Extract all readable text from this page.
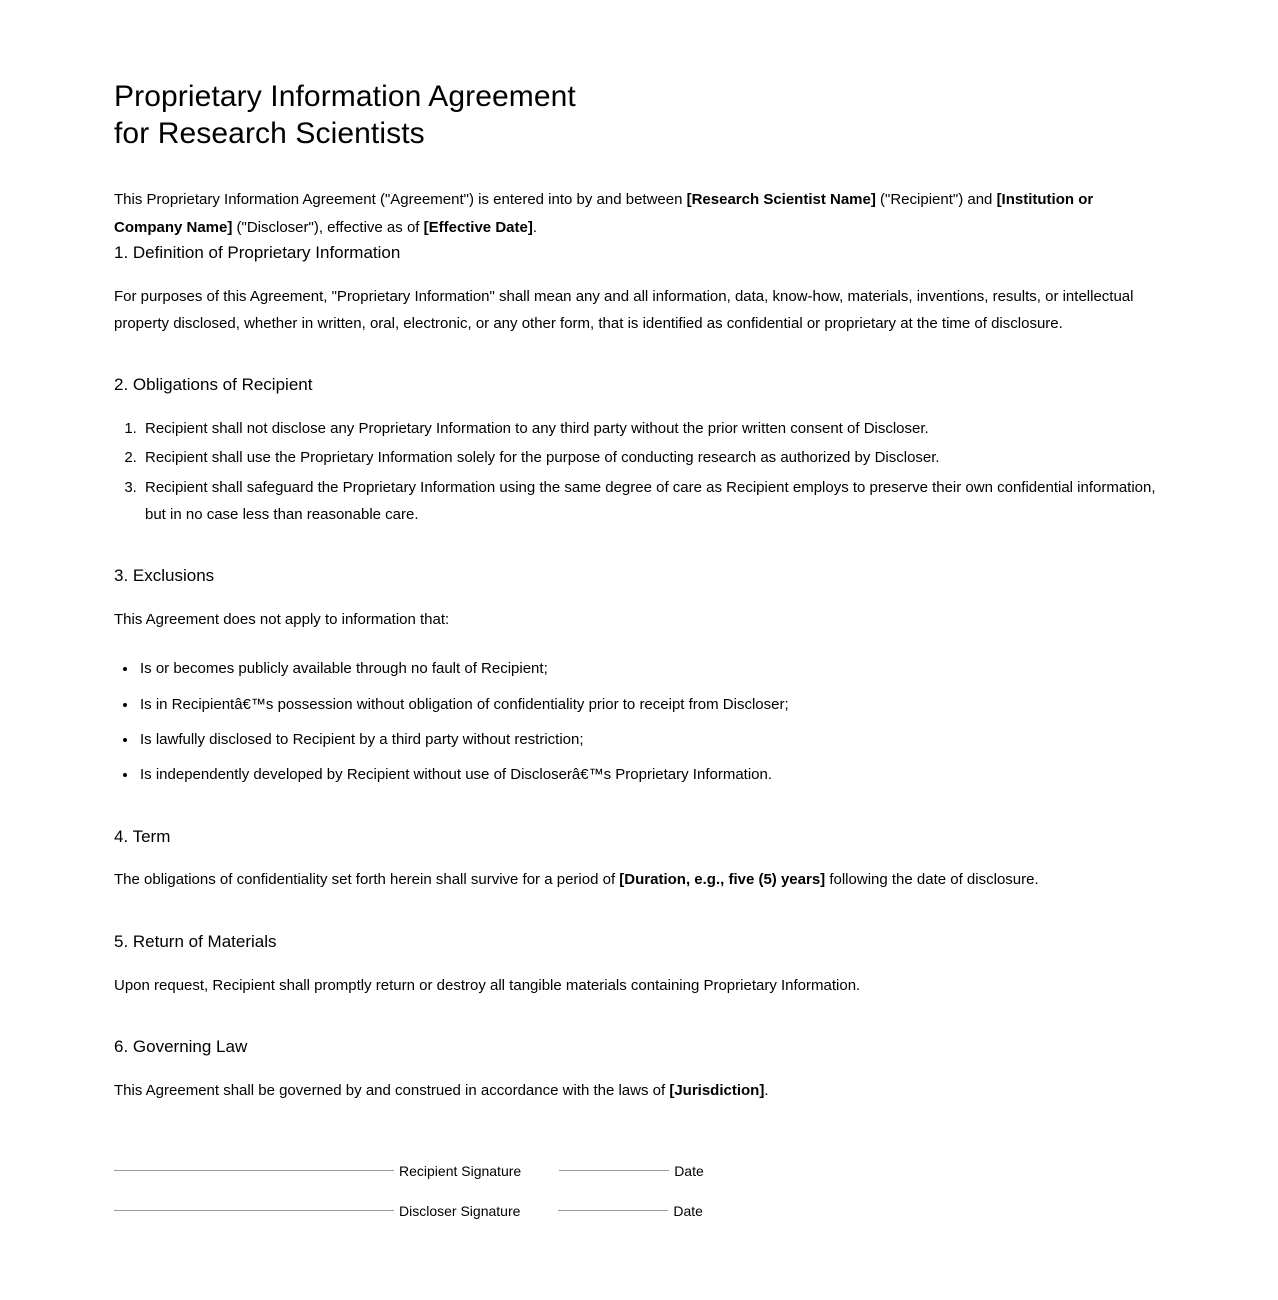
Proprietary Information Agreement
for Research Scientists

This Proprietary Information Agreement ("Agreement") is entered into by and between [Research Scientist Name] ("Recipient") and [Institution or Company Name] ("Discloser"), effective as of [Effective Date].

1. Definition of Proprietary Information

For purposes of this Agreement, "Proprietary Information" shall mean any and all information, data, know-how, materials, inventions, results, or intellectual property disclosed, whether in written, oral, electronic, or any other form, that is identified as confidential or proprietary at the time of disclosure.

2. Obligations of Recipient
1. Recipient shall not disclose any Proprietary Information to any third party without the prior written consent of Discloser.
2. Recipient shall use the Proprietary Information solely for the purpose of conducting research as authorized by Discloser.
3. Recipient shall safeguard the Proprietary Information using the same degree of care as Recipient employs to preserve their own confidential information, but in no case less than reasonable care.
3. Exclusions

This Agreement does not apply to information that:

• Is or becomes publicly available through no fault of Recipient;
• Is in Recipientâ€™s possession without obligation of confidentiality prior to receipt from Discloser;
• Is lawfully disclosed to Recipient by a third party without restriction;
• Is independently developed by Recipient without use of Discloserâ€™s Proprietary Information.
4. Term

The obligations of confidentiality set forth herein shall survive for a period of [Duration, e.g., five (5) years] following the date of disclosure.

5. Return of Materials

Upon request, Recipient shall promptly return or destroy all tangible materials containing Proprietary Information.

6. Governing Law

This Agreement shall be governed by and construed in accordance with the laws of [Jurisdiction].

Recipient Signature	Date
Discloser Signature	Date
